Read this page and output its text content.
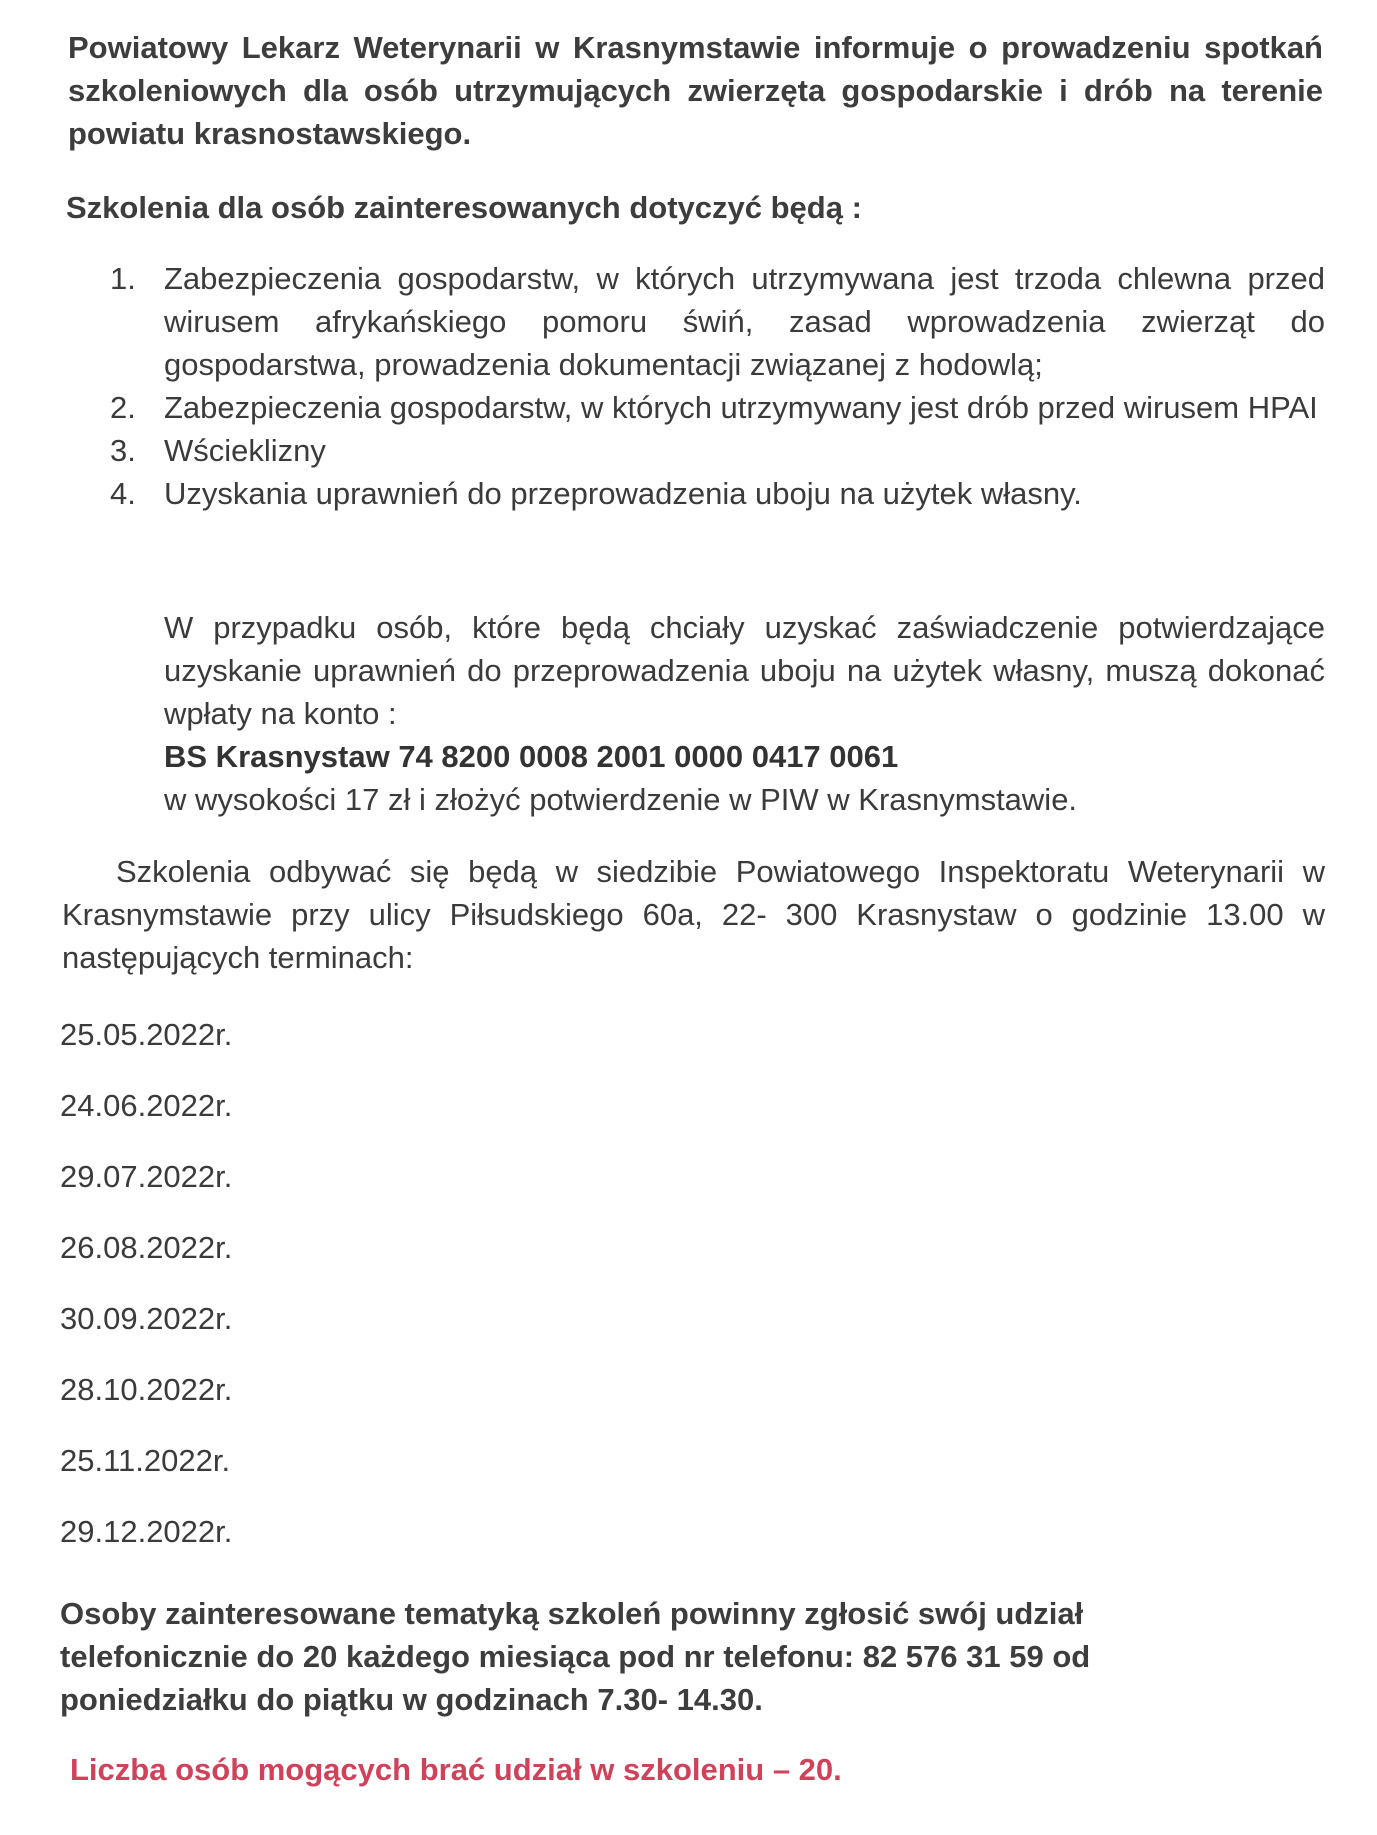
Powiatowy Lekarz Weterynarii w Krasnymstawie informuje o prowadzeniu spotkań szkoleniowych dla osób utrzymujących zwierzęta gospodarskie i drób na terenie powiatu krasnostawskiego.

Szkolenia dla osób zainteresowanych dotyczyć będą :
1. Zabezpieczenia gospodarstw, w których utrzymywana jest trzoda chlewna przed wirusem afrykańskiego pomoru świń, zasad wprowadzenia zwierząt do gospodarstwa, prowadzenia dokumentacji związanej z hodowlą;
2. Zabezpieczenia gospodarstw, w których utrzymywany jest drób przed wirusem HPAI
3. Wścieklizny
4. Uzyskania uprawnień do przeprowadzenia uboju na użytek własny.
W przypadku osób, które będą chciały uzyskać zaświadczenie potwierdzające uzyskanie uprawnień do przeprowadzenia uboju na użytek własny, muszą dokonać wpłaty na konto :
BS Krasnystaw 74 8200 0008 2001 0000 0417 0061
w wysokości 17 zł i złożyć potwierdzenie w PIW w Krasnymstawie.

Szkolenia odbywać się będą w siedzibie Powiatowego Inspektoratu Weterynarii w Krasnymstawie przy ulicy Piłsudskiego 60a, 22- 300 Krasnystaw o godzinie 13.00 w następujących terminach:

25.05.2022r.
24.06.2022r.
29.07.2022r.
26.08.2022r.
30.09.2022r.
28.10.2022r.
25.11.2022r.
29.12.2022r.

Osoby zainteresowane tematyką szkoleń powinny zgłosić swój udział telefonicznie do 20 każdego miesiąca pod nr telefonu: 82 576 31 59 od poniedziałku do piątku w godzinach 7.30- 14.30.

Liczba osób mogących brać udział w szkoleniu – 20.
